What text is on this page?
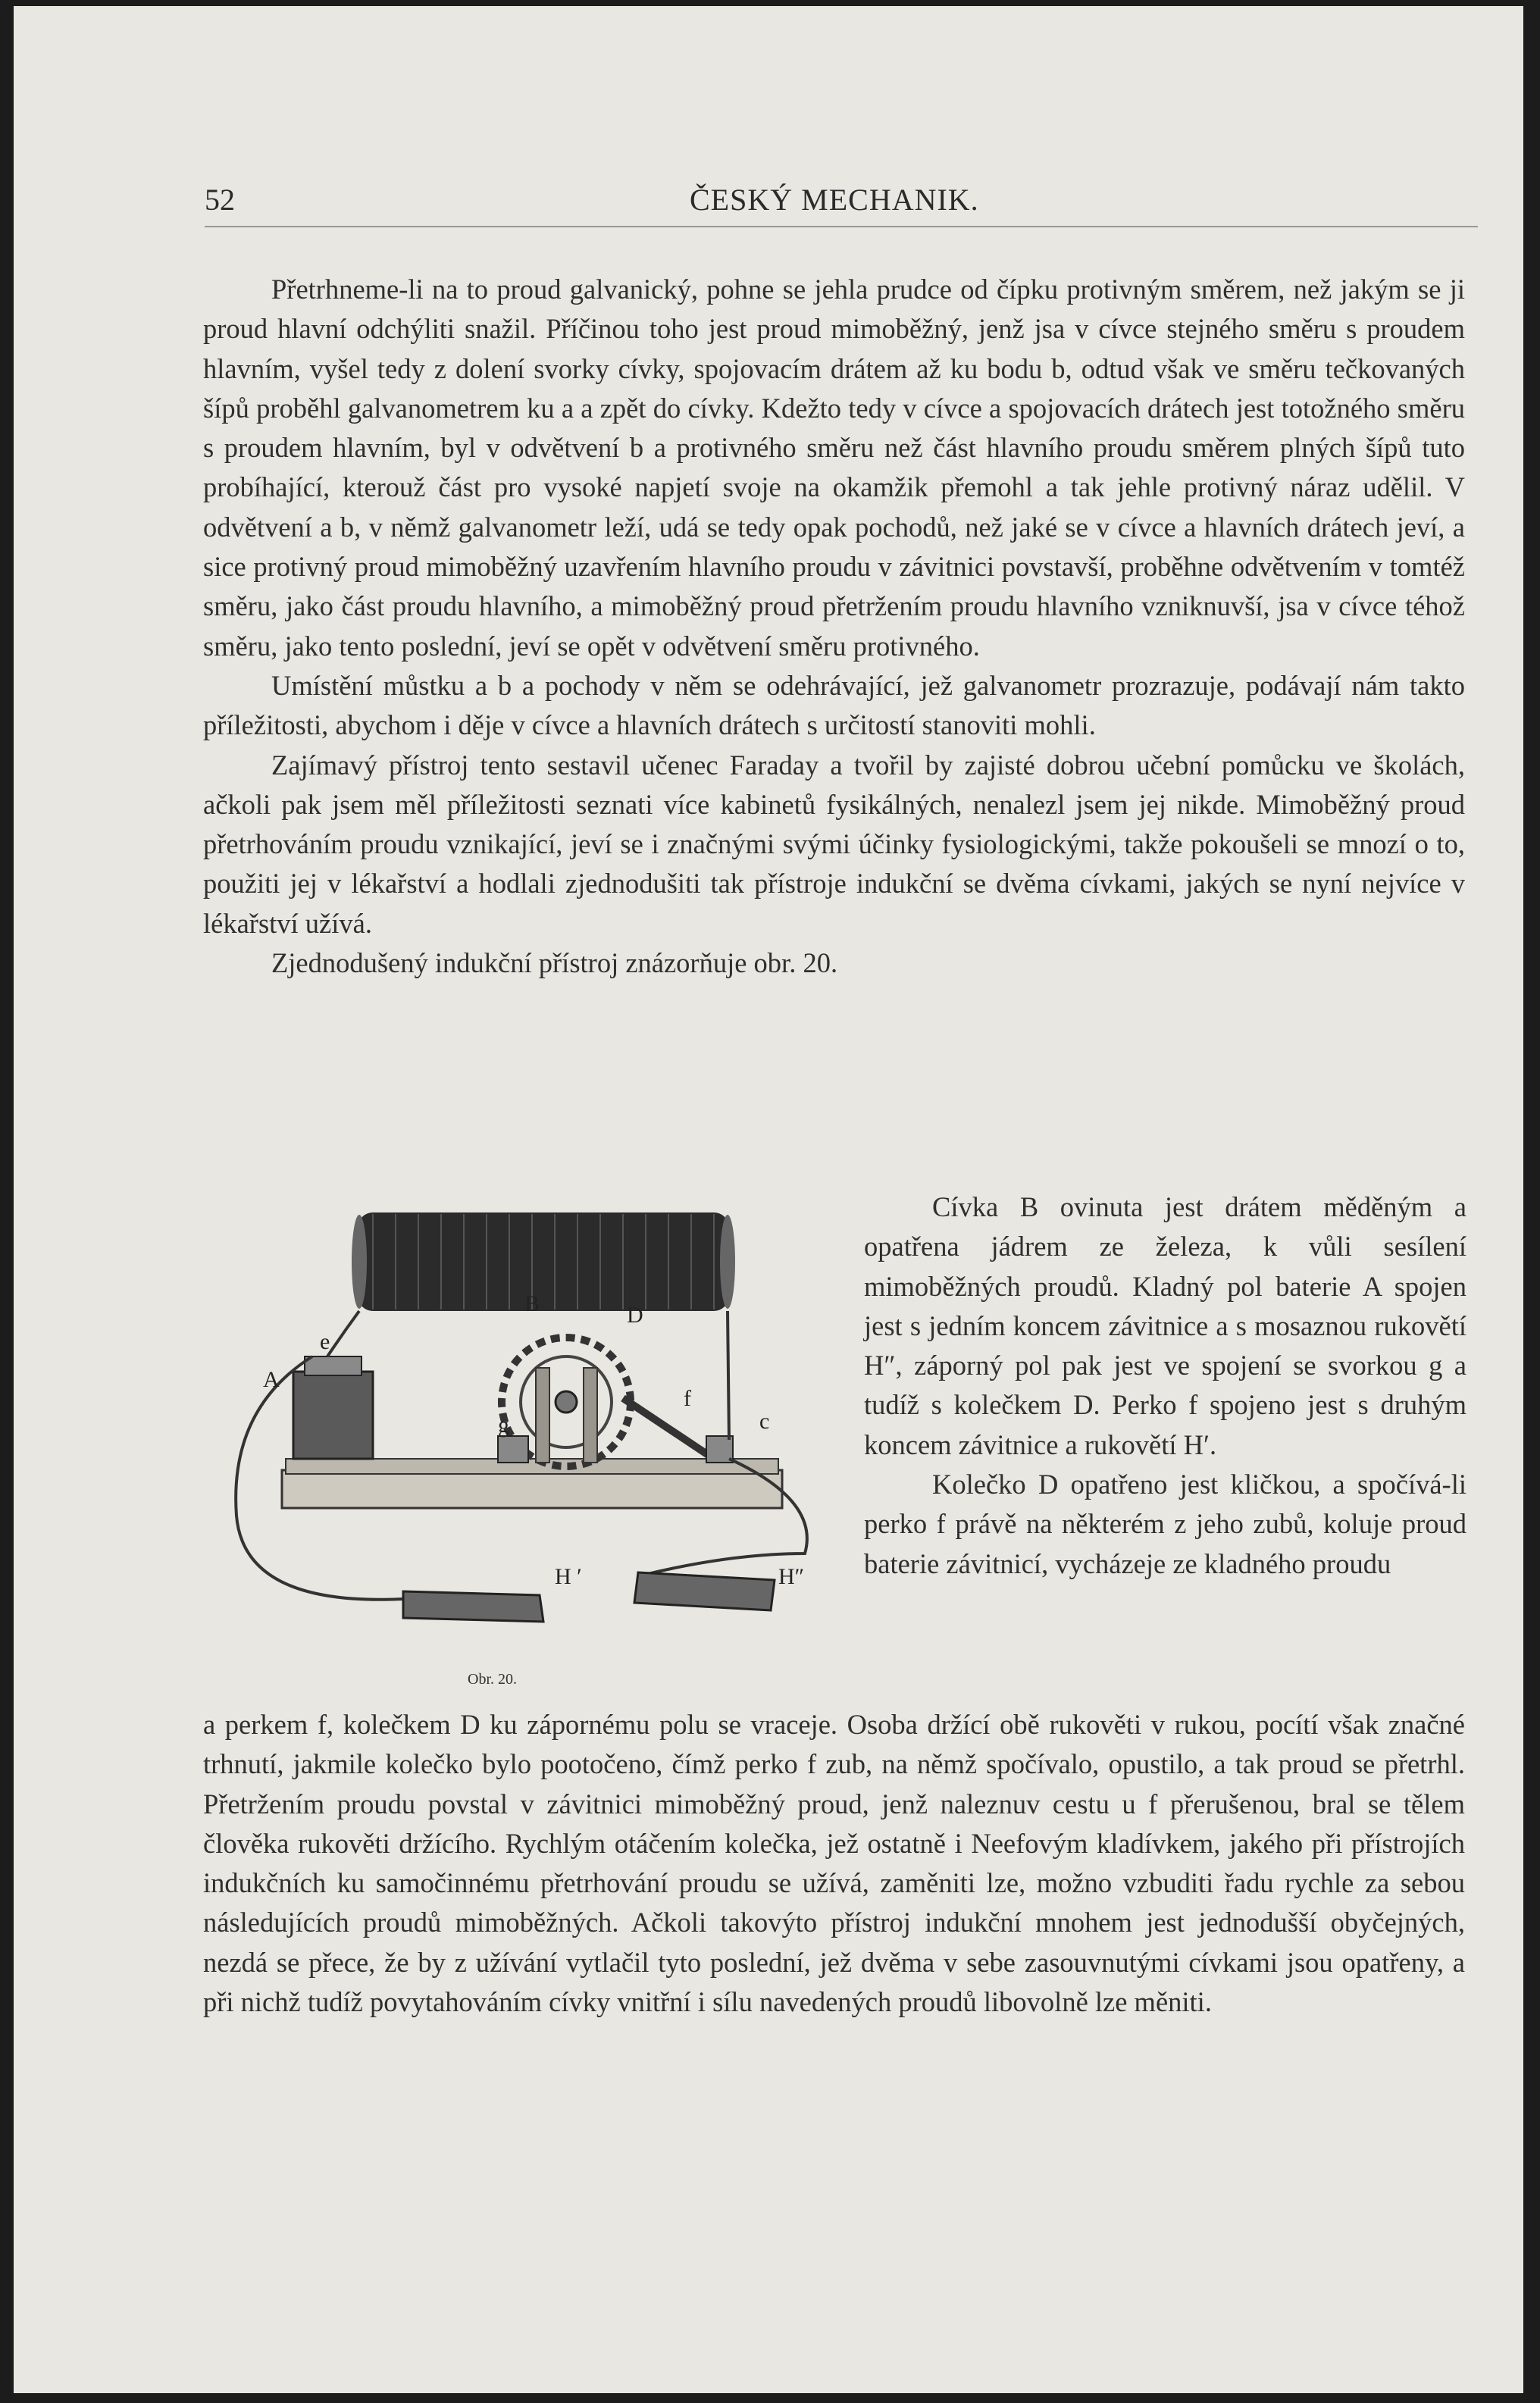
52	ČESKÝ MECHANIK.

Přetrhneme-li na to proud galvanický, pohne se jehla prudce od čípku protivným směrem, než jakým se ji proud hlavní odchýliti snažil. Příčinou toho jest proud mimoběžný, jenž jsa v cívce stejného směru s proudem hlavním, vyšel tedy z dolení svorky cívky, spojovacím drátem až ku bodu b, odtud však ve směru tečkovaných šípů proběhl galvanometrem ku a a zpět do cívky. Kdežto tedy v cívce a spojovacích drátech jest totožného směru s proudem hlavním, byl v odvětvení b a protivného směru než část hlavního proudu směrem plných šípů tuto probíhající, kterouž část pro vysoké napjetí svoje na okamžik přemohl a tak jehle protivný náraz udělil. V odvětvení a b, v němž galvanometr leží, udá se tedy opak pochodů, než jaké se v cívce a hlavních drátech jeví, a sice protivný proud mimoběžný uzavřením hlavního proudu v závitnici povstavší, proběhne odvětvením v tomtéž směru, jako část proudu hlavního, a mimoběžný proud přetržením proudu hlavního vzniknuvší, jsa v cívce téhož směru, jako tento poslední, jeví se opět v odvětvení směru protivného.

Umístění můstku a b a pochody v něm se odehrávající, jež galvanometr prozrazuje, podávají nám takto příležitosti, abychom i děje v cívce a hlavních drátech s určitostí stanoviti mohli.

Zajímavý přístroj tento sestavil učenec Faraday a tvořil by zajisté dobrou učební pomůcku ve školách, ačkoli pak jsem měl příležitosti seznati více kabinetů fysikálných, nenalezl jsem jej nikde. Mimoběžný proud přetrhováním proudu vznikající, jeví se i značnými svými účinky fysiologickými, takže pokoušeli se mnozí o to, použiti jej v lékařství a hodlali zjednodušiti tak přístroje indukční se dvěma cívkami, jakých se nyní nejvíce v lékařství užívá.

Zjednodušený indukční přístroj znázorňuje obr. 20.

A
B	D
e
f
g	c
H ′	H″
Obr. 20.

Cívka B ovinuta jest drátem měděným a opatřena jádrem ze železa, k vůli sesílení mimoběžných proudů. Kladný pol baterie A spojen jest s jedním koncem závitnice a s mosaznou rukovětí H″, záporný pol pak jest ve spojení se svorkou g a tudíž s kolečkem D. Perko f spojeno jest s druhým koncem závitnice a rukovětí H′.

Kolečko D opatřeno jest kličkou, a spočívá-li perko f právě na některém z jeho zubů, koluje proud baterie závitnicí, vycházeje ze kladného proudu

a perkem f, kolečkem D ku zápornému polu se vraceje. Osoba držící obě rukověti v rukou, pocítí však značné trhnutí, jakmile kolečko bylo pootočeno, čímž perko f zub, na němž spočívalo, opustilo, a tak proud se přetrhl. Přetržením proudu povstal v závitnici mimoběžný proud, jenž naleznuv cestu u f přerušenou, bral se tělem člověka rukověti držícího. Rychlým otáčením kolečka, jež ostatně i Neefovým kladívkem, jakého při přístrojích indukčních ku samočinnému přetrhování proudu se užívá, zaměniti lze, možno vzbuditi řadu rychle za sebou následujících proudů mimoběžných. Ačkoli takovýto přístroj indukční mnohem jest jednodušší obyčejných, nezdá se přece, že by z užívání vytlačil tyto poslední, jež dvěma v sebe zasouvnutými cívkami jsou opatřeny, a při nichž tudíž povytahováním cívky vnitřní i sílu navedených proudů libovolně lze měniti.
